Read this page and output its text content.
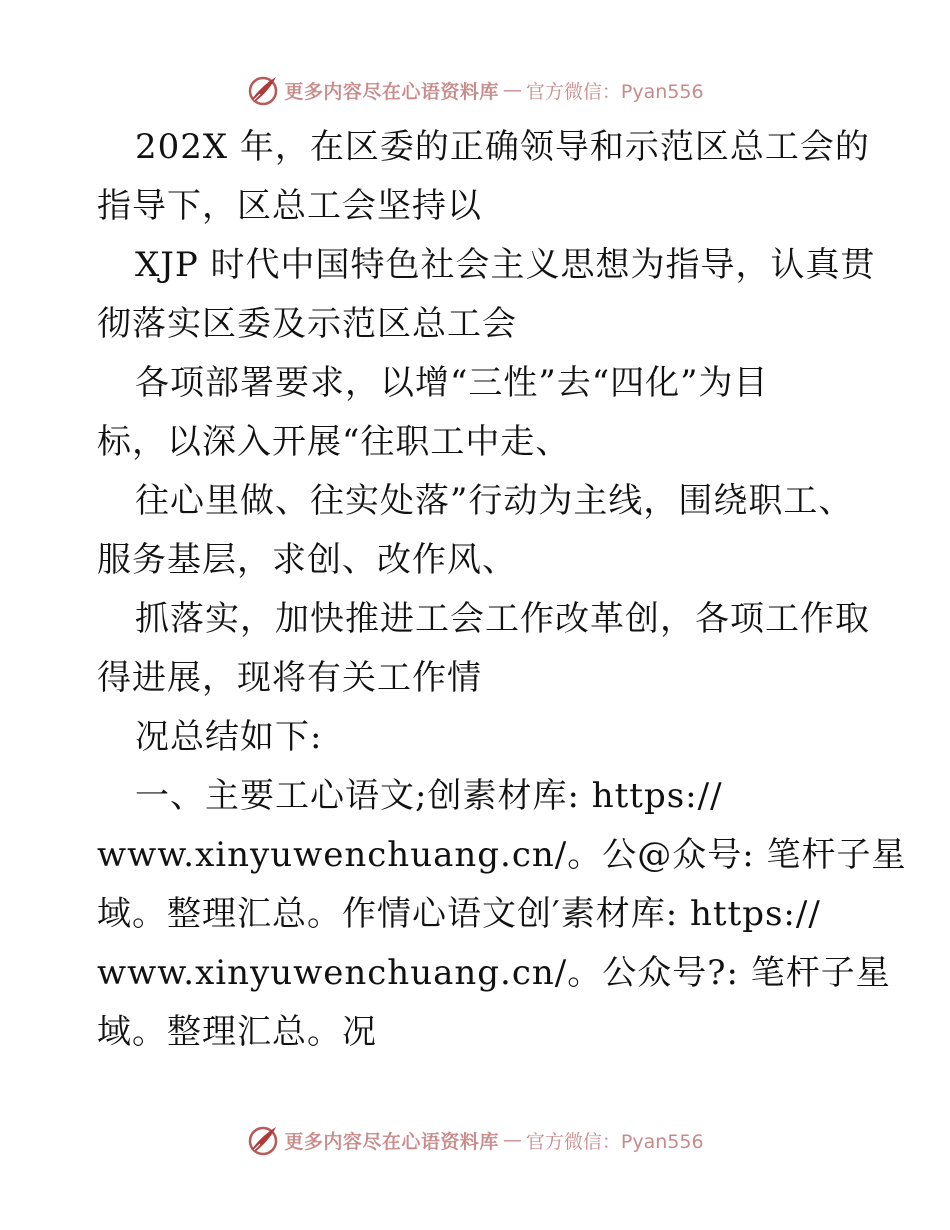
更多内容尽在心语资料库 — 官方微信：Pyan556
202X 年，在区委的正确领导和示范区总工会的
指导下，区总工会坚持以
XJP 时代中国特色社会主义思想为指导，认真贯
彻落实区委及示范区总工会
各项部署要求，以增“三性”去“四化”为目
标，以深入开展“往职工中走、
往心里做、往实处落”行动为主线，围绕职工、
服务基层，求创、改作风、
抓落实，加快推进工会工作改革创，各项工作取
得进展，现将有关工作情
况总结如下:
一、主要工心语文;创素材库: https://
www.xinyuwenchuang.cn/。公@众号: 笔杆子星
域。整理汇总。作情心语文创′素材库: https://
www.xinyuwenchuang.cn/。公众号?: 笔杆子星
域。整理汇总。况
更多内容尽在心语资料库 — 官方微信：Pyan556
